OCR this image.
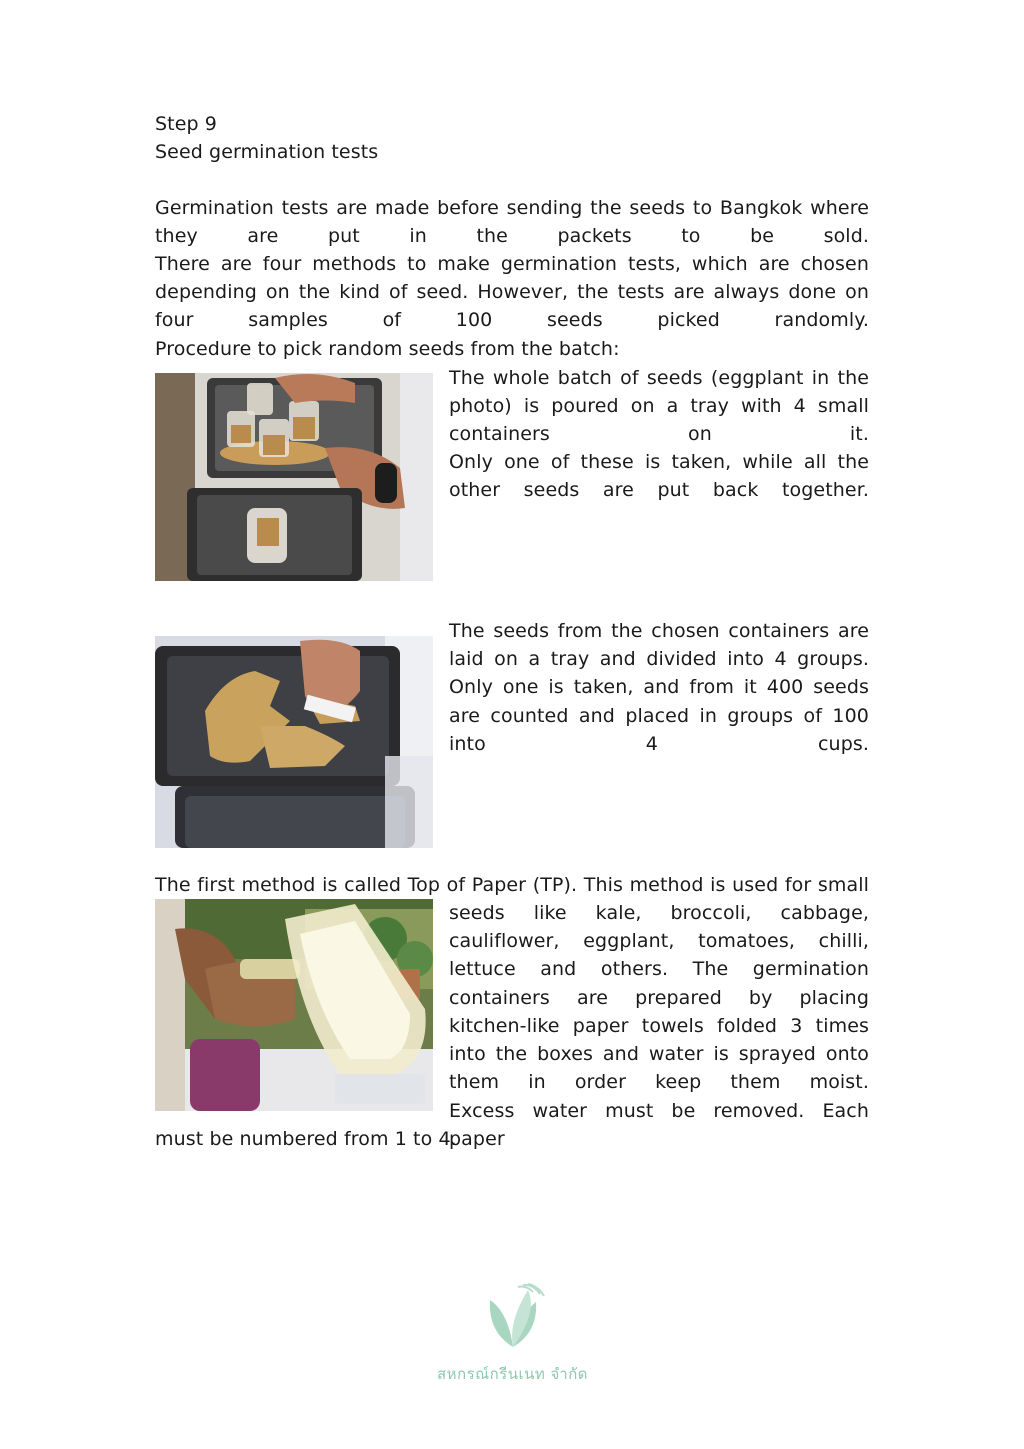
Step 9
Seed germination tests
Germination tests are made before sending the seeds to Bangkok where they are put in the packets to be sold.
There are four methods to make germination tests, which are chosen depending on the kind of seed. However, the tests are always done on four samples of 100 seeds picked randomly.
Procedure to pick random seeds from the batch:
The whole batch of seeds (eggplant in the photo) is poured on a tray with 4 small containers on it.
Only one of these is taken, while all the other seeds are put back together.
The seeds from the chosen containers are laid on a tray and divided into 4 groups. Only one is taken, and from it 400 seeds are counted and placed in groups of 100 into 4 cups.
The first method is called Top of Paper (TP). This method is used for small
seeds like kale, broccoli, cabbage, cauliflower, eggplant, tomatoes, chilli, lettuce and others. The germination containers are prepared by placing kitchen-like paper towels folded 3 times into the boxes and water is sprayed onto them in order keep them moist.
Excess water must be removed. Each paper
must be numbered from 1 to 4.
สหกรณ์กรีนเนท จำกัด
